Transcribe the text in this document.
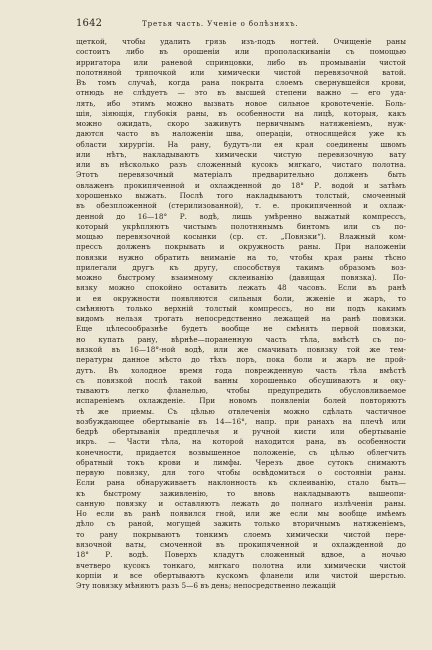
1642	Третья часть. Ученiе о болѣзняхъ.
щеткой, чтобы удалить грязь изъ-подъ ногтей. Очищенiе раны
состоитъ либо въ орошенiи или прополаскиванiи съ помощью
ирригатора или раневой спринцовки, либо въ промываніи чистой
полотняной тряпочкой или химически чистой перевязочной ватой.
Въ томъ случаѣ, когда рана покрыта слоемъ свернувшейся крови,
отнюдь не слѣдуетъ — это въ высшей степени важно — его уда-
лять, ибо этимъ можно вызвать новое сильное кровотеченiе. Боль-
шія, зiяющія, глубокія раны, въ особенности на лицѣ, которыя, какъ
можно ожидать, скоро заживутъ первичнымъ натяженіемъ, нуж-
даются часто въ наложеніи шва, операціи, относящейся уже къ
области хирургіи. На рану, будутъ-ли ея края соединены швомъ
или нѣтъ, накладываютъ химически чистую перевязочную вату
или въ нѣсколько разъ сложенный кусокъ мягкаго, чистаго полотна.
Этотъ перевязочный матеріалъ предварительно долженъ быть
овлаженъ прокипяченной и охлажденной до 18° Р. водой и затѣмъ
хорошенько выжать. Послѣ того накладываютъ толстый, смоченный
въ обезпложенной (стерилизованной), т. е. прокипяченной и охлаж-
денной до 16—18° Р. водѣ, лишь умѣренно выжатый компрессъ,
который укрѣпляютъ чистымъ полотнянымъ бинтомъ или съ по-
мощью перевязочной косынки (ср. ст. „Повязки“). Влажный ком-
прессъ долженъ покрывать и окружность раны. При наложенiи
повязки нужно обратить вниманiе на то, чтобы края раны тѣсно
прилегали другъ къ другу, способствуя такимъ образомъ воз-
можно быстрому взаимному склеиванiю (давящая повязка). По-
вязку можно спокойно оставить лежать 48 часовъ. Если въ ранѣ
и ея окружности появляются сильныя боли, жженiе и жаръ, то
смѣняютъ только верхнiй толстый компрессъ, но ни подъ какимъ
видомъ нельзя трогать непосредственно лежащей на ранѣ повязки.
Еще цѣлесообразнѣе будетъ вообще не смѣнять первой повязки,
но купать рану, вѣрнѣе—пораненную часть тѣла, вмѣстѣ съ по-
вязкой въ 16—18°-ной водѣ, или же смачивать повязку той же тем-
пературы данное мѣсто до тѣхъ поръ, пока боли и жаръ не прой-
дутъ. Въ холодное время года поврежденную часть тѣла вмѣстѣ
съ повязкой послѣ такой ванны хорошенько обсушиваютъ и оку-
тываютъ легко фланелью, чтобы предупредить обусловливаемое
испаренiемъ охлажденiе. При новомъ появленiи болей повторяютъ
тѣ же приемы. Съ цѣлью отвлеченія можно сдѣлать частичное
возбуждающее обертыванiе въ 14—16°, напр. при ранахъ на плечѣ или
бедрѣ обертыванiя предплечья и ручной кисти или обертыванiе
икръ. — Части тѣла, на которой находится рана, въ особенности
конечности, придается возвышенное положенiе, съ цѣлью облегчить
обратный токъ крови и лимфы. Черезъ двое сутокъ снимаютъ
первую повязку, для того чтобы освѣдомиться о состоянiи раны.
Если рана обнаруживаетъ наклонность къ склеиванiю, стало быть—
къ быстрому заживленiю, то вновь накладываютъ вышеопи-
санную повязку и оставляютъ лежать до полнаго излѣченія раны.
Но если въ ранѣ появился гной, или же если мы вообще имѣемъ
дѣло съ раной, могущей зажить только вторичнымъ натяженiемъ,
то рану покрываютъ тонкимъ слоемъ химически чистой пере-
вязочной ваты, смоченной въ прокипяченной и охлажденной до
18° Р. водѣ. Поверхъ кладутъ сложенный вдвое, а ночью
вчетверо кусокъ тонкаго, мягкаго полотна или химически чистой
корпіи и все обертываютъ кускомъ фланели или чистой шерстью.
Эту повязку мѣняютъ разъ 5—6 въ день; непосредственно лежащій
